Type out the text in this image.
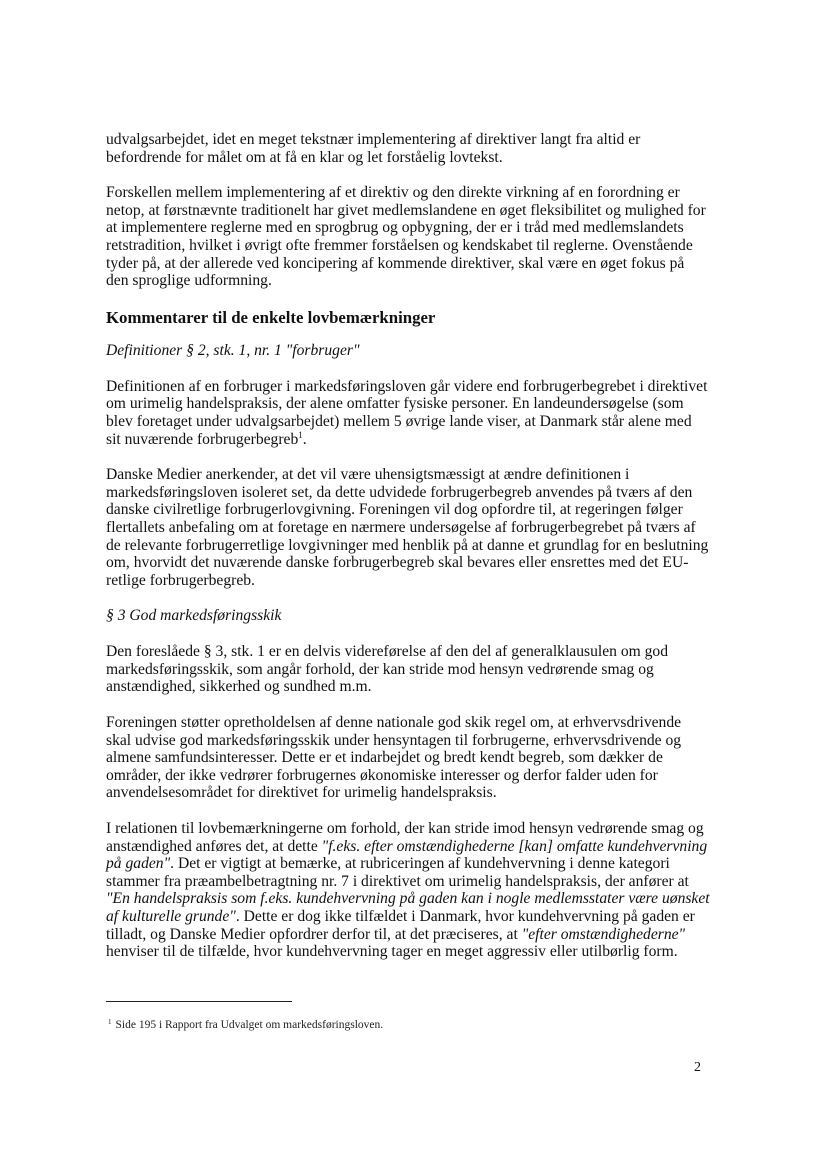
udvalgsarbejdet, idet en meget tekstnær implementering af direktiver langt fra altid er befordrende for målet om at få en klar og let forståelig lovtekst.

Forskellen mellem implementering af et direktiv og den direkte virkning af en forordning er netop, at førstnævnte traditionelt har givet medlemslandene en øget fleksibilitet og mulighed for at implementere reglerne med en sprogbrug og opbygning, der er i tråd med medlemslandets retstradition, hvilket i øvrigt ofte fremmer forståelsen og kendskabet til reglerne. Ovenstående tyder på, at der allerede ved koncipering af kommende direktiver, skal være en øget fokus på den sproglige udformning.

Kommentarer til de enkelte lovbemærkninger
Definitioner § 2, stk. 1, nr. 1 "forbruger"

Definitionen af en forbruger i markedsføringsloven går videre end forbrugerbegrebet i direktivet om urimelig handelspraksis, der alene omfatter fysiske personer. En landeundersøgelse (som blev foretaget under udvalgsarbejdet) mellem 5 øvrige lande viser, at Danmark står alene med sit nuværende forbrugerbegreb$^1$.

Danske Medier anerkender, at det vil være uhensigtsmæssigt at ændre definitionen i markedsføringsloven isoleret set, da dette udvidede forbrugerbegreb anvendes på tværs af den danske civilretlige forbrugerlovgivning. Foreningen vil dog opfordre til, at regeringen følger flertallets anbefaling om at foretage en nærmere undersøgelse af forbrugerbegrebet på tværs af de relevante forbrugerretlige lovgivninger med henblik på at danne et grundlag for en beslutning om, hvorvidt det nuværende danske forbrugerbegreb skal bevares eller ensrettes med det EU-retlige forbrugerbegreb.

§ 3 God markedsføringsskik

Den foreslåede § 3, stk. 1 er en delvis videreførelse af den del af generalklausulen om god markedsføringsskik, som angår forhold, der kan stride mod hensyn vedrørende smag og anstændighed, sikkerhed og sundhed m.m.

Foreningen støtter opretholdelsen af denne nationale god skik regel om, at erhvervsdrivende skal udvise god markedsføringsskik under hensyntagen til forbrugerne, erhvervsdrivende og almene samfundsinteresser. Dette er et indarbejdet og bredt kendt begreb, som dækker de områder, der ikke vedrører forbrugernes økonomiske interesser og derfor falder uden for anvendelsesområdet for direktivet for urimelig handelspraksis.

I relationen til lovbemærkningerne om forhold, der kan stride imod hensyn vedrørende smag og anstændighed anføres det, at dette "f.eks. efter omstændighederne [kan] omfatte kundehvervning på gaden". Det er vigtigt at bemærke, at rubriceringen af kundehvervning i denne kategori stammer fra præambelbetragtning nr. 7 i direktivet om urimelig handelspraksis, der anfører at "En handelspraksis som f.eks. kundehvervning på gaden kan i nogle medlemsstater være uønsket af kulturelle grunde". Dette er dog ikke tilfældet i Danmark, hvor kundehvervning på gaden er tilladt, og Danske Medier opfordrer derfor til, at det præciseres, at "efter omstændighederne" henviser til de tilfælde, hvor kundehvervning tager en meget aggressiv eller utilbørlig form.

$^1$ Side 195 i Rapport fra Udvalget om markedsføringsloven.
2
